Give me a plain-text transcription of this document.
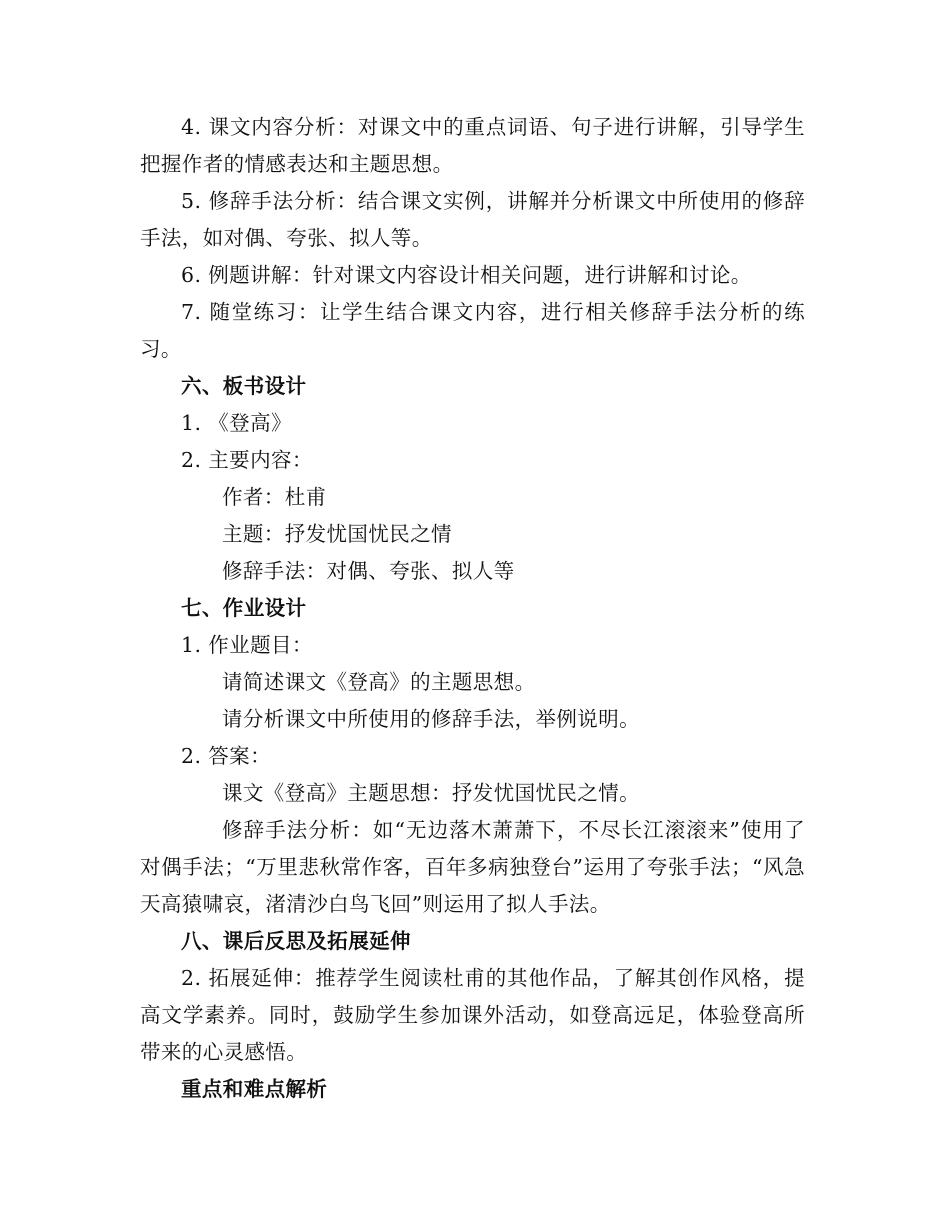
4. 课文内容分析：对课文中的重点词语、句子进行讲解，引导学生把握作者的情感表达和主题思想。

5. 修辞手法分析：结合课文实例，讲解并分析课文中所使用的修辞手法，如对偶、夸张、拟人等。

6. 例题讲解：针对课文内容设计相关问题，进行讲解和讨论。

7. 随堂练习：让学生结合课文内容，进行相关修辞手法分析的练习。

六、板书设计

1. 《登高》

2. 主要内容：

作者：杜甫

主题：抒发忧国忧民之情

修辞手法：对偶、夸张、拟人等

七、作业设计

1. 作业题目：

请简述课文《登高》的主题思想。

请分析课文中所使用的修辞手法，举例说明。

2. 答案：

课文《登高》主题思想：抒发忧国忧民之情。

修辞手法分析：如“无边落木萧萧下，不尽长江滚滚来”使用了对偶手法；“万里悲秋常作客，百年多病独登台”运用了夸张手法；“风急天高猿啸哀，渚清沙白鸟飞回”则运用了拟人手法。

八、课后反思及拓展延伸

2. 拓展延伸：推荐学生阅读杜甫的其他作品，了解其创作风格，提高文学素养。同时，鼓励学生参加课外活动，如登高远足，体验登高所带来的心灵感悟。

重点和难点解析
